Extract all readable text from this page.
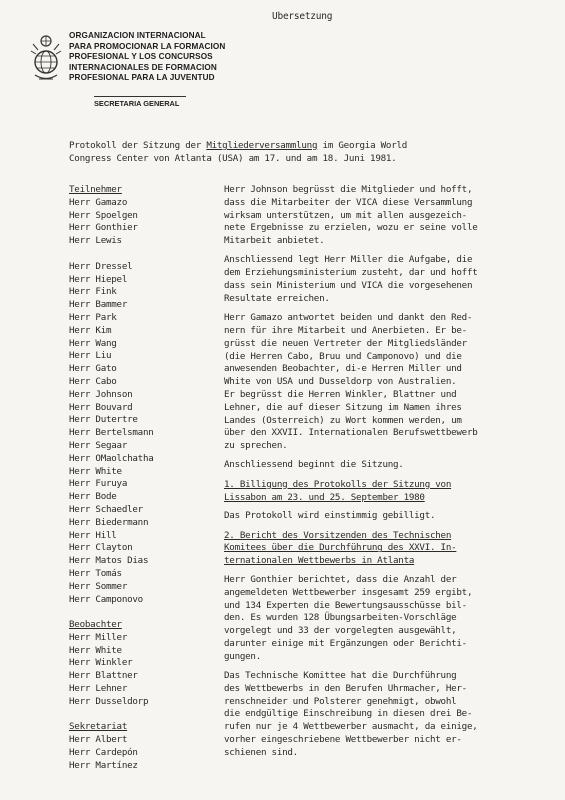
Ubersetzung
ORGANIZACION INTERNACIONAL
PARA PROMOCIONAR LA FORMACION
PROFESIONAL Y LOS CONCURSOS
INTERNACIONALES DE FORMACION
PROFESIONAL PARA LA JUVENTUD
SECRETARIA GENERAL
Protokoll der Sitzung der Mitgliederversammlung im Georgia World
Congress Center von Atlanta (USA) am 17. und am 18. Juni 1981.
Teilnehmer
Herr Gamazo
Herr Spoelgen
Herr Gonthier
Herr Lewis
Herr Dressel
Herr Hiepel
Herr Fink
Herr Bammer
Herr Park
Herr Kim
Herr Wang
Herr Liu
Herr Gato
Herr Cabo
Herr Johnson
Herr Bouvard
Herr Dutertre
Herr Bertelsmann
Herr Segaar
Herr OMaolchatha
Herr White
Herr Furuya
Herr Bode
Herr Schaedler
Herr Biedermann
Herr Hill
Herr Clayton
Herr Matos Dias
Herr Tomás
Herr Sommer
Herr Camponovo
Beobachter
Herr Miller
Herr White
Herr Winkler
Herr Blattner
Herr Lehner
Herr Dusseldorp
Sekretariat
Herr Albert
Herr Cardepón
Herr Martínez
Herr Johnson begrüsst die Mitglieder und hofft,
dass die Mitarbeiter der VICA diese Versammlung
wirksam unterstützen, um mit allen ausgezeich-
nete Ergebnisse zu erzielen, wozu er seine volle
Mitarbeit anbietet.
Anschliessend legt Herr Miller die Aufgabe, die
dem Erziehungsministerium zusteht, dar und hofft
dass sein Ministerium und VICA die vorgesehenen
Resultate erreichen.
Herr Gamazo antwortet beiden und dankt den Red-
nern für ihre Mitarbeit und Anerbieten. Er be-
grüsst die neuen Vertreter der Mitgliedsländer
(die Herren Cabo, Bruu und Camponovo) und die
anwesenden Beobachter, di-e Herren Miller und
White von USA und Dusseldorp von Australien.
Er begrüsst die Herren Winkler, Blattner und
Lehner, die auf dieser Sitzung im Namen ihres
Landes (Osterreich) zu Wort kommen werden, um
über den XXVII. Internationalen Berufswettbewerb
zu sprechen.
Anschliessend beginnt die Sitzung.
1. Billigung des Protokolls der Sitzung von
Lissabon am 23. und 25. September 1980
Das Protokoll wird einstimmig gebilligt.
2. Bericht des Vorsitzenden des Technischen
Komitees über die Durchführung des XXVI. In-
ternationalen Wettbewerbs in Atlanta
Herr Gonthier berichtet, dass die Anzahl der
angemeldeten Wettbewerber insgesamt 259 ergibt,
und 134 Experten die Bewertungsausschüsse bil-
den. Es wurden 128 Übungsarbeiten-Vorschläge
vorgelegt und 33 der vorgelegten ausgewählt,
darunter einige mit Ergänzungen oder Berichti-
gungen.
Das Technische Komittee hat die Durchführung
des Wettbewerbs in den Berufen Uhrmacher, Her-
renschneider und Polsterer genehmigt, obwohl
die endgültige Einschreibung in diesen drei Be-
rufen nur je 4 Wettbewerber ausmacht, da einige,
vorher eingeschriebene Wettbewerber nicht er-
schienen sind.
